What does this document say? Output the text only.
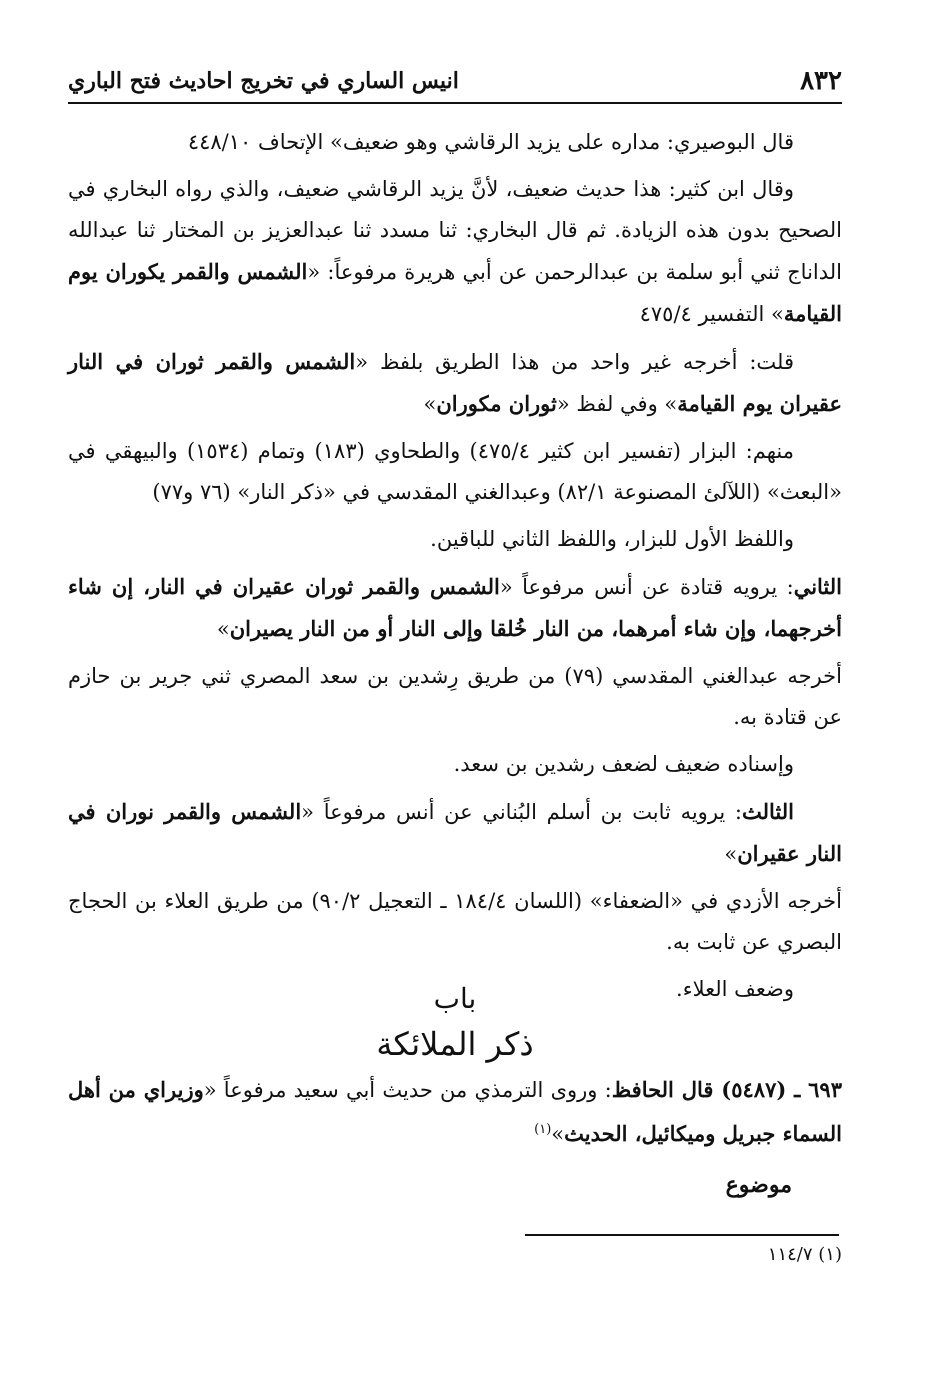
٨٣٢
انيس الساري في تخريج احاديث فتح الباري

قال البوصيري: مداره على يزيد الرقاشي وهو ضعيف» الإتحاف ٤٤٨/١٠

وقال ابن كثير: هذا حديث ضعيف، لأنَّ يزيد الرقاشي ضعيف، والذي رواه البخاري في الصحيح بدون هذه الزيادة. ثم قال البخاري: ثنا مسدد ثنا عبدالعزيز بن المختار ثنا عبدالله الداناج ثني أبو سلمة بن عبدالرحمن عن أبي هريرة مرفوعاً: «الشمس والقمر يكوران يوم القيامة» التفسير ٤٧٥/٤

قلت: أخرجه غير واحد من هذا الطريق بلفظ «الشمس والقمر ثوران في النار عقيران يوم القيامة» وفي لفظ «ثوران مكوران»

منهم: البزار (تفسير ابن كثير ٤٧٥/٤) والطحاوي (١٨٣) وتمام (١٥٣٤) والبيهقي في «البعث» (اللآلئ المصنوعة ٨٢/١) وعبدالغني المقدسي في «ذكر النار» (٧٦ و٧٧)

واللفظ الأول للبزار، واللفظ الثاني للباقين.

الثاني: يرويه قتادة عن أنس مرفوعاً «الشمس والقمر ثوران عقيران في النار، إن شاء أخرجهما، وإن شاء أمرهما، من النار خُلقا وإلى النار أو من النار يصيران»

أخرجه عبدالغني المقدسي (٧٩) من طريق رِشدين بن سعد المصري ثني جرير بن حازم عن قتادة به.

وإسناده ضعيف لضعف رشدين بن سعد.

الثالث: يرويه ثابت بن أسلم البُناني عن أنس مرفوعاً «الشمس والقمر نوران في النار عقيران»

أخرجه الأزدي في «الضعفاء» (اللسان ١٨٤/٤ ـ التعجيل ٩٠/٢) من طريق العلاء بن الحجاج البصري عن ثابت به.

وضعف العلاء.

باب
ذكر الملائكة
٦٩٣ ـ (٥٤٨٧) قال الحافظ: وروى الترمذي من حديث أبي سعيد مرفوعاً «وزيراي من أهل السماء جبريل وميكائيل، الحديث»$^{(١)}$
موضوع
(١) ١١٤/٧
